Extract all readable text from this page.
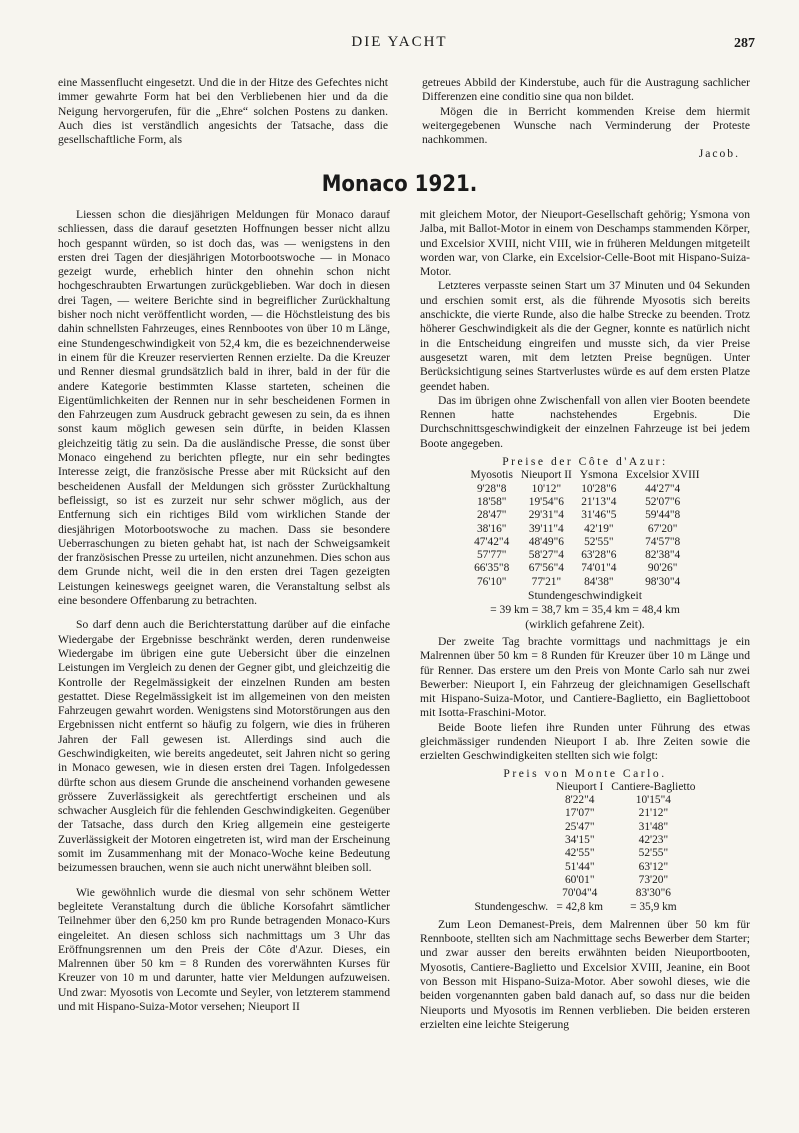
DIE YACHT	287

eine Massenflucht eingesetzt. Und die in der Hitze des Gefechtes nicht immer gewahrte Form hat bei den Verbliebenen hier und da die Neigung hervorgerufen, für die „Ehre“ solchen Postens zu danken. Auch dies ist verständlich angesichts der Tatsache, dass die gesellschaftliche Form, als

getreues Abbild der Kinderstube, auch für die Austragung sachlicher Differenzen eine conditio sine qua non bildet.

Mögen die in Berricht kommenden Kreise dem hiermit weitergegebenen Wunsche nach Verminderung der Proteste nachkommen.

Jacob.
Monaco 1921.

Liessen schon die diesjährigen Meldungen für Monaco darauf schliessen, dass die darauf gesetzten Hoffnungen besser nicht allzu hoch gespannt würden, so ist doch das, was — wenigstens in den ersten drei Tagen der diesjährigen Motorbootswoche — in Monaco gezeigt wurde, erheblich hinter den ohnehin schon nicht hochgeschraubten Erwartungen zurückgeblieben. War doch in diesen drei Tagen, — weitere Berichte sind in begreiflicher Zurückhaltung bisher noch nicht veröffentlicht worden, — die Höchstleistung des bis dahin schnellsten Fahrzeuges, eines Rennbootes von über 10 m Länge, eine Stundengeschwindigkeit von 52,4 km, die es bezeichnenderweise in einem für die Kreuzer reservierten Rennen erzielte. Da die Kreuzer und Renner diesmal grundsätzlich bald in ihrer, bald in der für die andere Kategorie bestimmten Klasse starteten, scheinen die Eigentümlichkeiten der Rennen nur in sehr bescheidenen Formen in den Fahrzeugen zum Ausdruck gebracht gewesen zu sein, da es ihnen sonst kaum möglich gewesen sein dürfte, in beiden Klassen gleichzeitig tätig zu sein. Da die ausländische Presse, die sonst über Monaco eingehend zu berichten pflegte, nur ein sehr bedingtes Interesse zeigt, die französische Presse aber mit Rücksicht auf den bescheidenen Ausfall der Meldungen sich grösster Zurückhaltung befleissigt, so ist es zurzeit nur sehr schwer möglich, aus der Entfernung sich ein richtiges Bild vom wirklichen Stande der diesjährigen Motorbootswoche zu machen. Dass sie besondere Ueberraschungen zu bieten gehabt hat, ist nach der Schweigsamkeit der französischen Presse zu urteilen, nicht anzunehmen. Dies schon aus dem Grunde nicht, weil die in den ersten drei Tagen gezeigten Leistungen keineswegs geeignet waren, die Veranstaltung selbst als eine besondere Offenbarung zu betrachten.

So darf denn auch die Berichterstattung darüber auf die einfache Wiedergabe der Ergebnisse beschränkt werden, deren rundenweise Wiedergabe im übrigen eine gute Uebersicht über die einzelnen Leistungen im Vergleich zu denen der Gegner gibt, und gleichzeitig die Kontrolle der Regelmässigkeit der einzelnen Runden am besten gestattet. Diese Regelmässigkeit ist im allgemeinen von den meisten Fahrzeugen gewahrt worden. Wenigstens sind Motorstörungen aus den Ergebnissen nicht entfernt so häufig zu folgern, wie dies in früheren Jahren der Fall gewesen ist. Allerdings sind auch die Geschwindigkeiten, wie bereits angedeutet, seit Jahren nicht so gering in Monaco gewesen, wie in diesen ersten drei Tagen. Infolgedessen dürfte schon aus diesem Grunde die anscheinend vorhanden gewesene grössere Zuverlässigkeit als gerechtfertigt erscheinen und als schwacher Ausgleich für die fehlenden Geschwindigkeiten. Gegenüber der Tatsache, dass durch den Krieg allgemein eine gesteigerte Zuverlässigkeit der Motoren eingetreten ist, wird man der Erscheinung somit im Zusammenhang mit der Monaco-Woche keine Bedeutung beizumessen brauchen, wenn sie auch nicht unerwähnt bleiben soll.

Wie gewöhnlich wurde die diesmal von sehr schönem Wetter begleitete Veranstaltung durch die übliche Korsofahrt sämtlicher Teilnehmer über den 6,250 km pro Runde betragenden Monaco-Kurs eingeleitet. An diesen schloss sich nachmittags um 3 Uhr das Eröffnungsrennen um den Preis der Côte d'Azur. Dieses, ein Malrennen über 50 km = 8 Runden des vorerwähnten Kurses für Kreuzer von 10 m und darunter, hatte vier Meldungen aufzuweisen. Und zwar: Myosotis von Lecomte und Seyler, von letzterem stammend und mit Hispano-Suiza-Motor versehen; Nieuport II

mit gleichem Motor, der Nieuport-Gesellschaft gehörig; Ysmona von Jalba, mit Ballot-Motor in einem von Deschamps stammenden Körper, und Excelsior XVIII, nicht VIII, wie in früheren Meldungen mitgeteilt worden war, von Clarke, ein Excelsior-Celle-Boot mit Hispano-Suiza-Motor.

Letzteres verpasste seinen Start um 37 Minuten und 04 Sekunden und erschien somit erst, als die führende Myosotis sich bereits anschickte, die vierte Runde, also die halbe Strecke zu beenden. Trotz höherer Geschwindigkeit als die der Gegner, konnte es natürlich nicht in die Entscheidung eingreifen und musste sich, da vier Preise ausgesetzt waren, mit dem letzten Preise begnügen. Unter Berücksichtigung seines Startverlustes würde es auf dem ersten Platze geendet haben.

Das im übrigen ohne Zwischenfall von allen vier Booten beendete Rennen hatte nachstehendes Ergebnis. Die Durchschnittsgeschwindigkeit der einzelnen Fahrzeuge ist bei jedem Boote angegeben.

Preise der Côte d'Azur:
Myosotis	Nieuport II	Ysmona	Excelsior XVIII
9'28"8	10'12"	10'28"6	44'27"4
18'58"	19'54"6	21'13"4	52'07"6
28'47"	29'31"4	31'46"5	59'44"8
38'16"	39'11"4	42'19"	67'20"
47'42"4	48'49"6	52'55"	74'57"8
57'77"	58'27"4	63'28"6	82'38"4
66'35"8	67'56"4	74'01"4	90'26"
76'10"	77'21"	84'38"	98'30"4
Stundengeschwindigkeit
= 39 km = 38,7 km = 35,4 km = 48,4 km
(wirklich gefahrene Zeit).

Der zweite Tag brachte vormittags und nachmittags je ein Malrennen über 50 km = 8 Runden für Kreuzer über 10 m Länge und für Renner. Das erstere um den Preis von Monte Carlo sah nur zwei Bewerber: Nieuport I, ein Fahrzeug der gleichnamigen Gesellschaft mit Hispano-Suiza-Motor, und Cantiere-Baglietto, ein Bagliettoboot mit Isotta-Fraschini-Motor.

Beide Boote liefen ihre Runden unter Führung des etwas gleichmässiger rundenden Nieuport I ab. Ihre Zeiten sowie die erzielten Geschwindigkeiten stellten sich wie folgt:

Preis von Monte Carlo.
	Nieuport I	Cantiere-Baglietto
	8'22"4	10'15"4
	17'07"	21'12"
	25'47"	31'48"
	34'15"	42'23"
	42'55"	52'55"
	51'44"	63'12"
	60'01"	73'20"
	70'04"4	83'30"6
Stundengeschw.	= 42,8 km	= 35,9 km

Zum Leon Demanest-Preis, dem Malrennen über 50 km für Rennboote, stellten sich am Nachmittage sechs Bewerber dem Starter; und zwar ausser den bereits erwähnten beiden Nieuportbooten, Myosotis, Cantiere-Baglietto und Excelsior XVIII, Jeanine, ein Boot von Besson mit Hispano-Suiza-Motor. Aber sowohl dieses, wie die beiden vorgenannten gaben bald danach auf, so dass nur die beiden Nieuports und Myosotis im Rennen verblieben. Die beiden ersteren erzielten eine leichte Steigerung
